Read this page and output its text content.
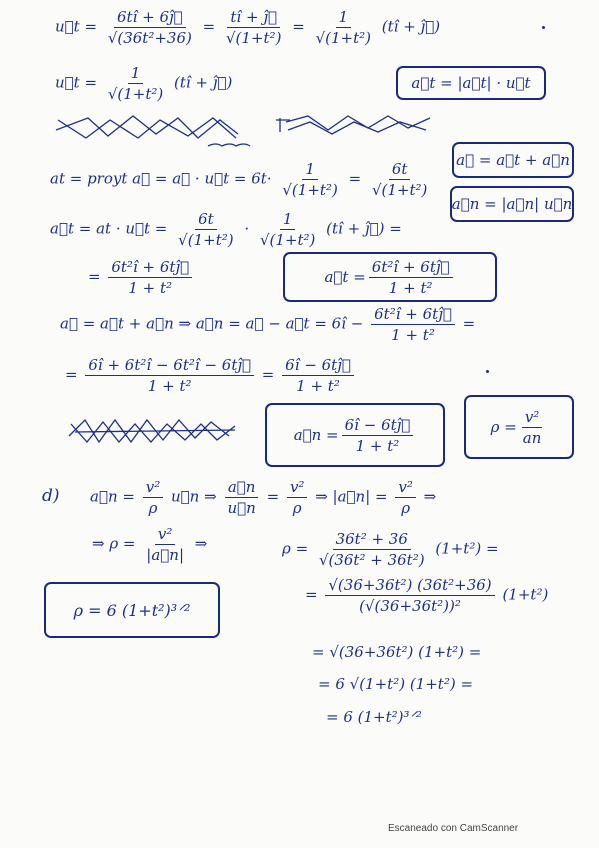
u⃗t = $\frac{6tî + 6ĵ⃗}{\text{√(36t²+36)}} = \frac{tî + ĵ⃗}{\text{√(1+t²)}} = \frac{1}{\text{√(1+t²)}}$ (tî + ĵ⃗)
u⃗t = $\frac{1}{\text{√(1+t²)}}$ (tî + ĵ⃗)	a⃗t = |a⃗t| · u⃗t
at = proyt a⃗ = a⃗ · u⃗t = $6t\cdot \frac{1}{\text{√(1+t²)}} = \frac{6t}{\text{√(1+t²)}}$ a⃗ = a⃗t + a⃗n
a⃗n = |a⃗n| u⃗n
a⃗t = at · u⃗t = $\frac{6t}{\text{√(1+t²)}} \cdot \frac{1}{\text{√(1+t²)}}$ (tî + ĵ⃗) =
= $\frac{\text{6t²î + 6tĵ⃗}}{\text{1 + t²}}$	a⃗t = $\frac{\text{6t²î + 6tĵ⃗}}{\text{1 + t²}}$
a⃗ = a⃗t + a⃗n ⇒ a⃗n = a⃗ − a⃗t = 6î − $\frac{\text{6t²î + 6tĵ⃗}}{\text{1 + t²}}$ =
= $\frac{\text{6î + 6t²î − 6t²î − 6tĵ⃗}}{\text{1 + t²}} = \frac{6î - 6tĵ⃗}{\text{1 + t²}}$
a⃗n = $\frac{6î - 6tĵ⃗}{\text{1 + t²}}$	$\rho = \frac{\text{v²}}{an}$
d) a⃗n = $\frac{\text{v²}}{\rho}$ u⃗n ⇒ $\frac{a⃗n}{u⃗n} = \frac{\text{v²}}{\rho}$ ⇒ |a⃗n| = $\frac{\text{v²}}{\rho}$ ⇒
⇒ $\rho = \frac{\text{v²}}{|a⃗n|}$ ⇒	$\rho = \frac{\text{36t² + 36}}{\text{√(36t² + 36t²)}} (1+t^2)$ =
ρ = 6 (1+t²)³ᐟ²
= $\frac{\text{√(36+36t²) (36t²+36)}}{\text{(√(36+36t²))²}} (1+t^2)$
= √(36+36t²) (1+t²) =
= 6 √(1+t²) (1+t²) =
= 6 (1+t²)³ᐟ²
Escaneado con CamScanner
